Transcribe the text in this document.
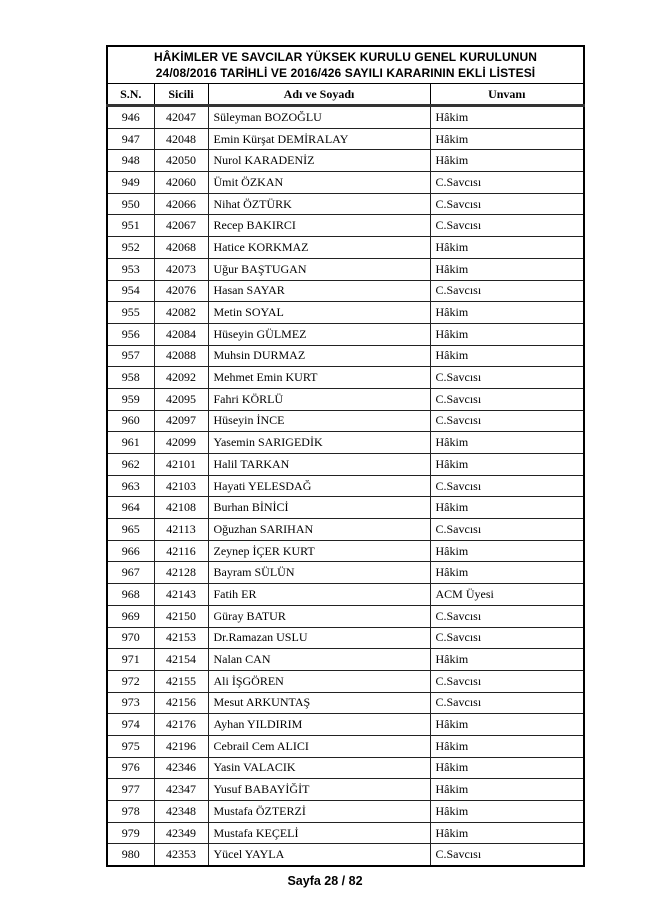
HÂKİMLER VE SAVCILAR YÜKSEK KURULU GENEL KURULUNUN
24/08/2016 TARİHLİ VE 2016/426 SAYILI KARARININ EKLİ LİSTESİ			

S.N.	Sicili	Adı ve Soyadı	Unvanı
946	42047	Süleyman BOZOĞLU	Hâkim
947	42048	Emin Kürşat DEMİRALAY	Hâkim
948	42050	Nurol KARADENİZ	Hâkim
949	42060	Ümit ÖZKAN	C.Savcısı
950	42066	Nihat ÖZTÜRK	C.Savcısı
951	42067	Recep BAKIRCI	C.Savcısı
952	42068	Hatice KORKMAZ	Hâkim
953	42073	Uğur BAŞTUGAN	Hâkim
954	42076	Hasan SAYAR	C.Savcısı
955	42082	Metin SOYAL	Hâkim
956	42084	Hüseyin GÜLMEZ	Hâkim
957	42088	Muhsin DURMAZ	Hâkim
958	42092	Mehmet Emin KURT	C.Savcısı
959	42095	Fahri KÖRLÜ	C.Savcısı
960	42097	Hüseyin İNCE	C.Savcısı
961	42099	Yasemin SARIGEDİK	Hâkim
962	42101	Halil TARKAN	Hâkim
963	42103	Hayati YELESDAĞ	C.Savcısı
964	42108	Burhan BİNİCİ	Hâkim
965	42113	Oğuzhan SARIHAN	C.Savcısı
966	42116	Zeynep İÇER KURT	Hâkim
967	42128	Bayram SÜLÜN	Hâkim
968	42143	Fatih ER	ACM Üyesi
969	42150	Güray BATUR	C.Savcısı
970	42153	Dr.Ramazan USLU	C.Savcısı
971	42154	Nalan CAN	Hâkim
972	42155	Ali İŞGÖREN	C.Savcısı
973	42156	Mesut ARKUNTAŞ	C.Savcısı
974	42176	Ayhan YILDIRIM	Hâkim
975	42196	Cebrail Cem ALICI	Hâkim
976	42346	Yasin VALACIK	Hâkim
977	42347	Yusuf BABAYİĞİT	Hâkim
978	42348	Mustafa ÖZTERZİ	Hâkim
979	42349	Mustafa KEÇELİ	Hâkim
980	42353	Yücel YAYLA	C.Savcısı
Sayfa 28 / 82
